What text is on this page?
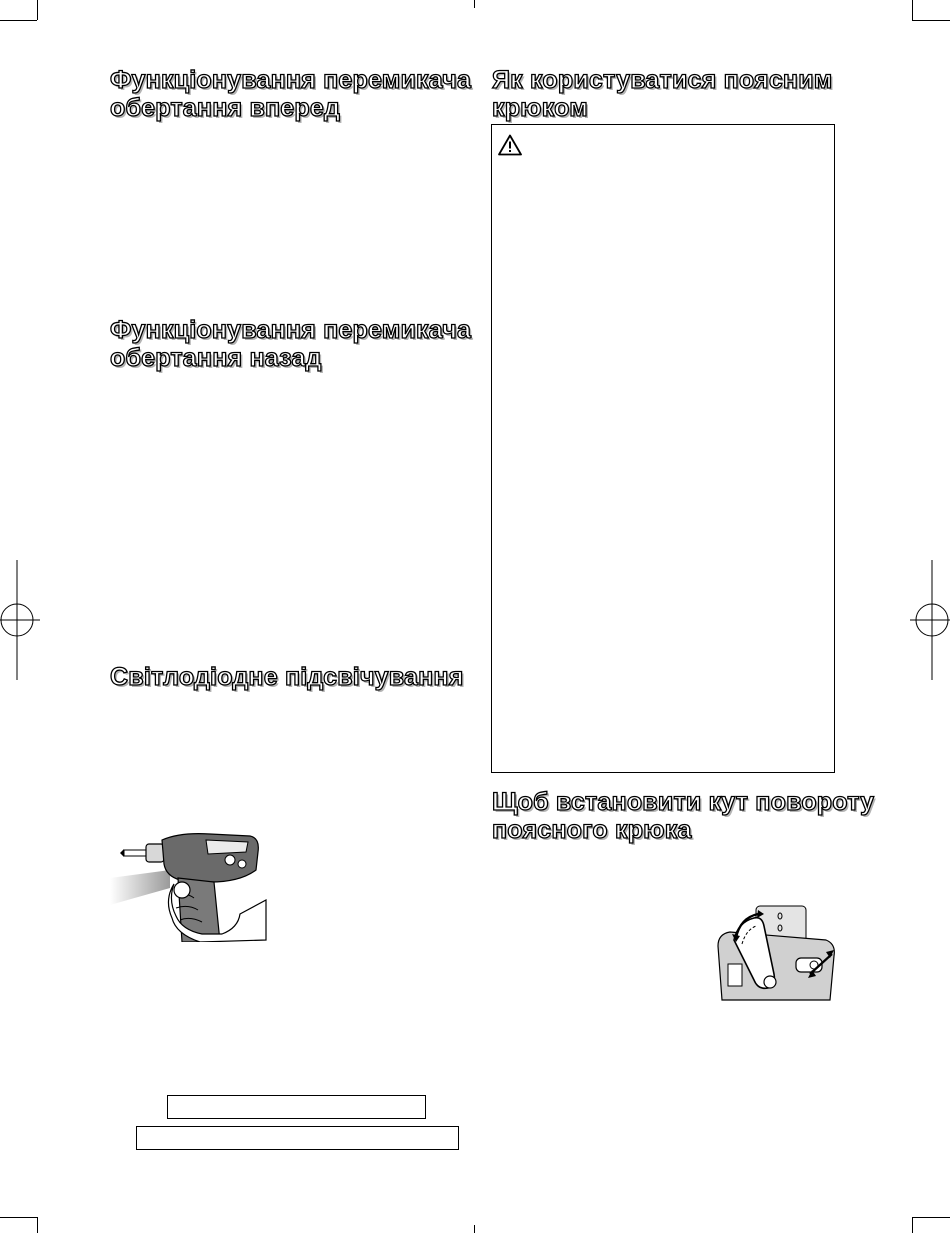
Функціонування перемикача
обертання вперед
Функціонування перемикача
обертання назад
Світлодіодне підсвічування
Як користуватися поясним
крюком
Щоб встановити кут повороту
поясного крюка
